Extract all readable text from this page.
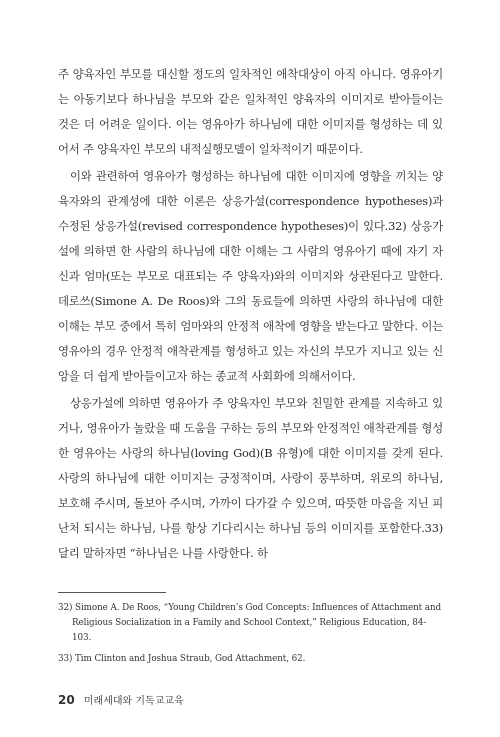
주 양육자인 부모를 대신할 정도의 일차적인 애착대상이 아직 아니다. 영유아기는 아동기보다 하나님을 부모와 같은 일차적인 양육자의 이미지로 받아들이는 것은 더 어려운 일이다. 이는 영유아가 하나님에 대한 이미지를 형성하는 데 있어서 주 양육자인 부모의 내적실행모델이 일차적이기 때문이다.

이와 관련하여 영유아가 형성하는 하나님에 대한 이미지에 영향을 끼치는 양육자와의 관계성에 대한 이론은 상응가설(correspondence hypotheses)과 수정된 상응가설(revised correspondence hypotheses)이 있다.32) 상응가설에 의하면 한 사람의 하나님에 대한 이해는 그 사람의 영유아기 때에 자기 자신과 엄마(또는 부모로 대표되는 주 양육자)와의 이미지와 상관된다고 말한다. 데로쓰(Simone A. De Roos)와 그의 동료들에 의하면 사랑의 하나님에 대한 이해는 부모 중에서 특히 엄마와의 안정적 애착에 영향을 받는다고 말한다. 이는 영유아의 경우 안정적 애착관계를 형성하고 있는 자신의 부모가 지니고 있는 신앙을 더 쉽게 받아들이고자 하는 종교적 사회화에 의해서이다.

상응가설에 의하면 영유아가 주 양육자인 부모와 친밀한 관계를 지속하고 있거나, 영유아가 놀랐을 때 도움을 구하는 등의 부모와 안정적인 애착관계를 형성한 영유아는 사랑의 하나님(loving God)(B 유형)에 대한 이미지를 갖게 된다. 사랑의 하나님에 대한 이미지는 긍정적이며, 사랑이 풍부하며, 위로의 하나님, 보호해 주시며, 돌보아 주시며, 가까이 다가갈 수 있으며, 따뜻한 마음을 지닌 피난처 되시는 하나님, 나를 항상 기다리시는 하나님 등의 이미지를 포함한다.33) 달리 말하자면 “하나님은 나를 사랑한다. 하

32) Simone A. De Roos, “Young Children’s God Concepts: Influences of Attachment and Religious Socialization in a Family and School Context,” Religious Education, 84-103.

33) Tim Clinton and Joshua Straub, God Attachment, 62.

20 미래세대와 기독교교육
